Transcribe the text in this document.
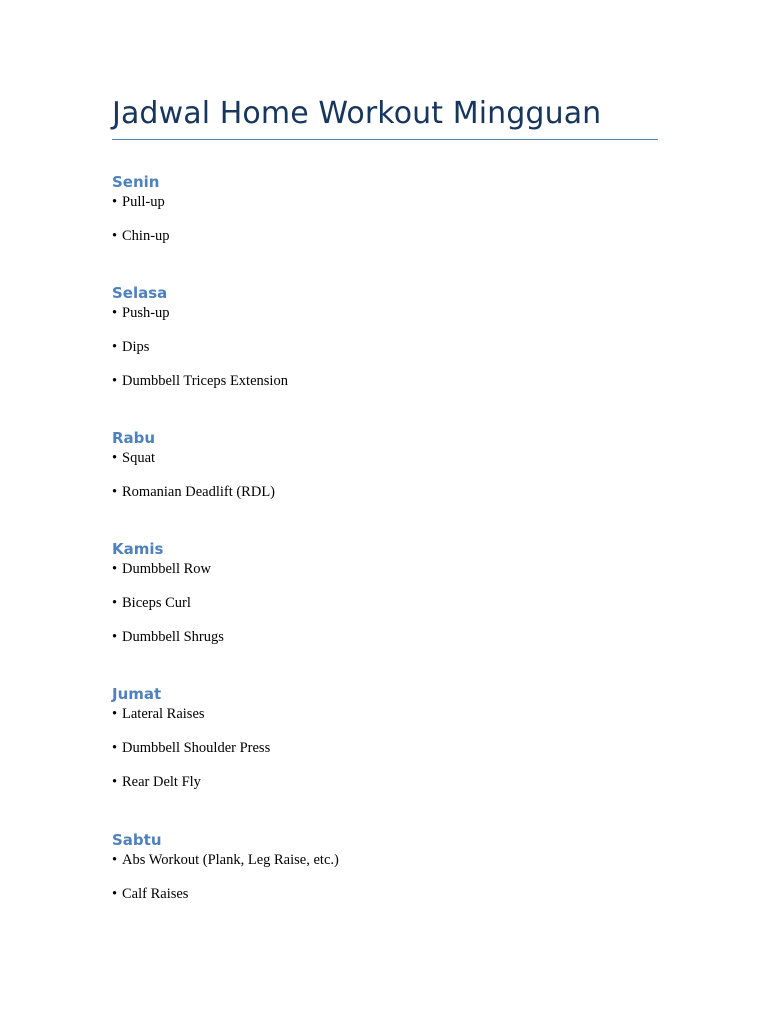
Jadwal Home Workout Mingguan
Senin
• Pull-up
• Chin-up
Selasa
• Push-up
• Dips
• Dumbbell Triceps Extension
Rabu
• Squat
• Romanian Deadlift (RDL)
Kamis
• Dumbbell Row
• Biceps Curl
• Dumbbell Shrugs
Jumat
• Lateral Raises
• Dumbbell Shoulder Press
• Rear Delt Fly
Sabtu
• Abs Workout (Plank, Leg Raise, etc.)
• Calf Raises
